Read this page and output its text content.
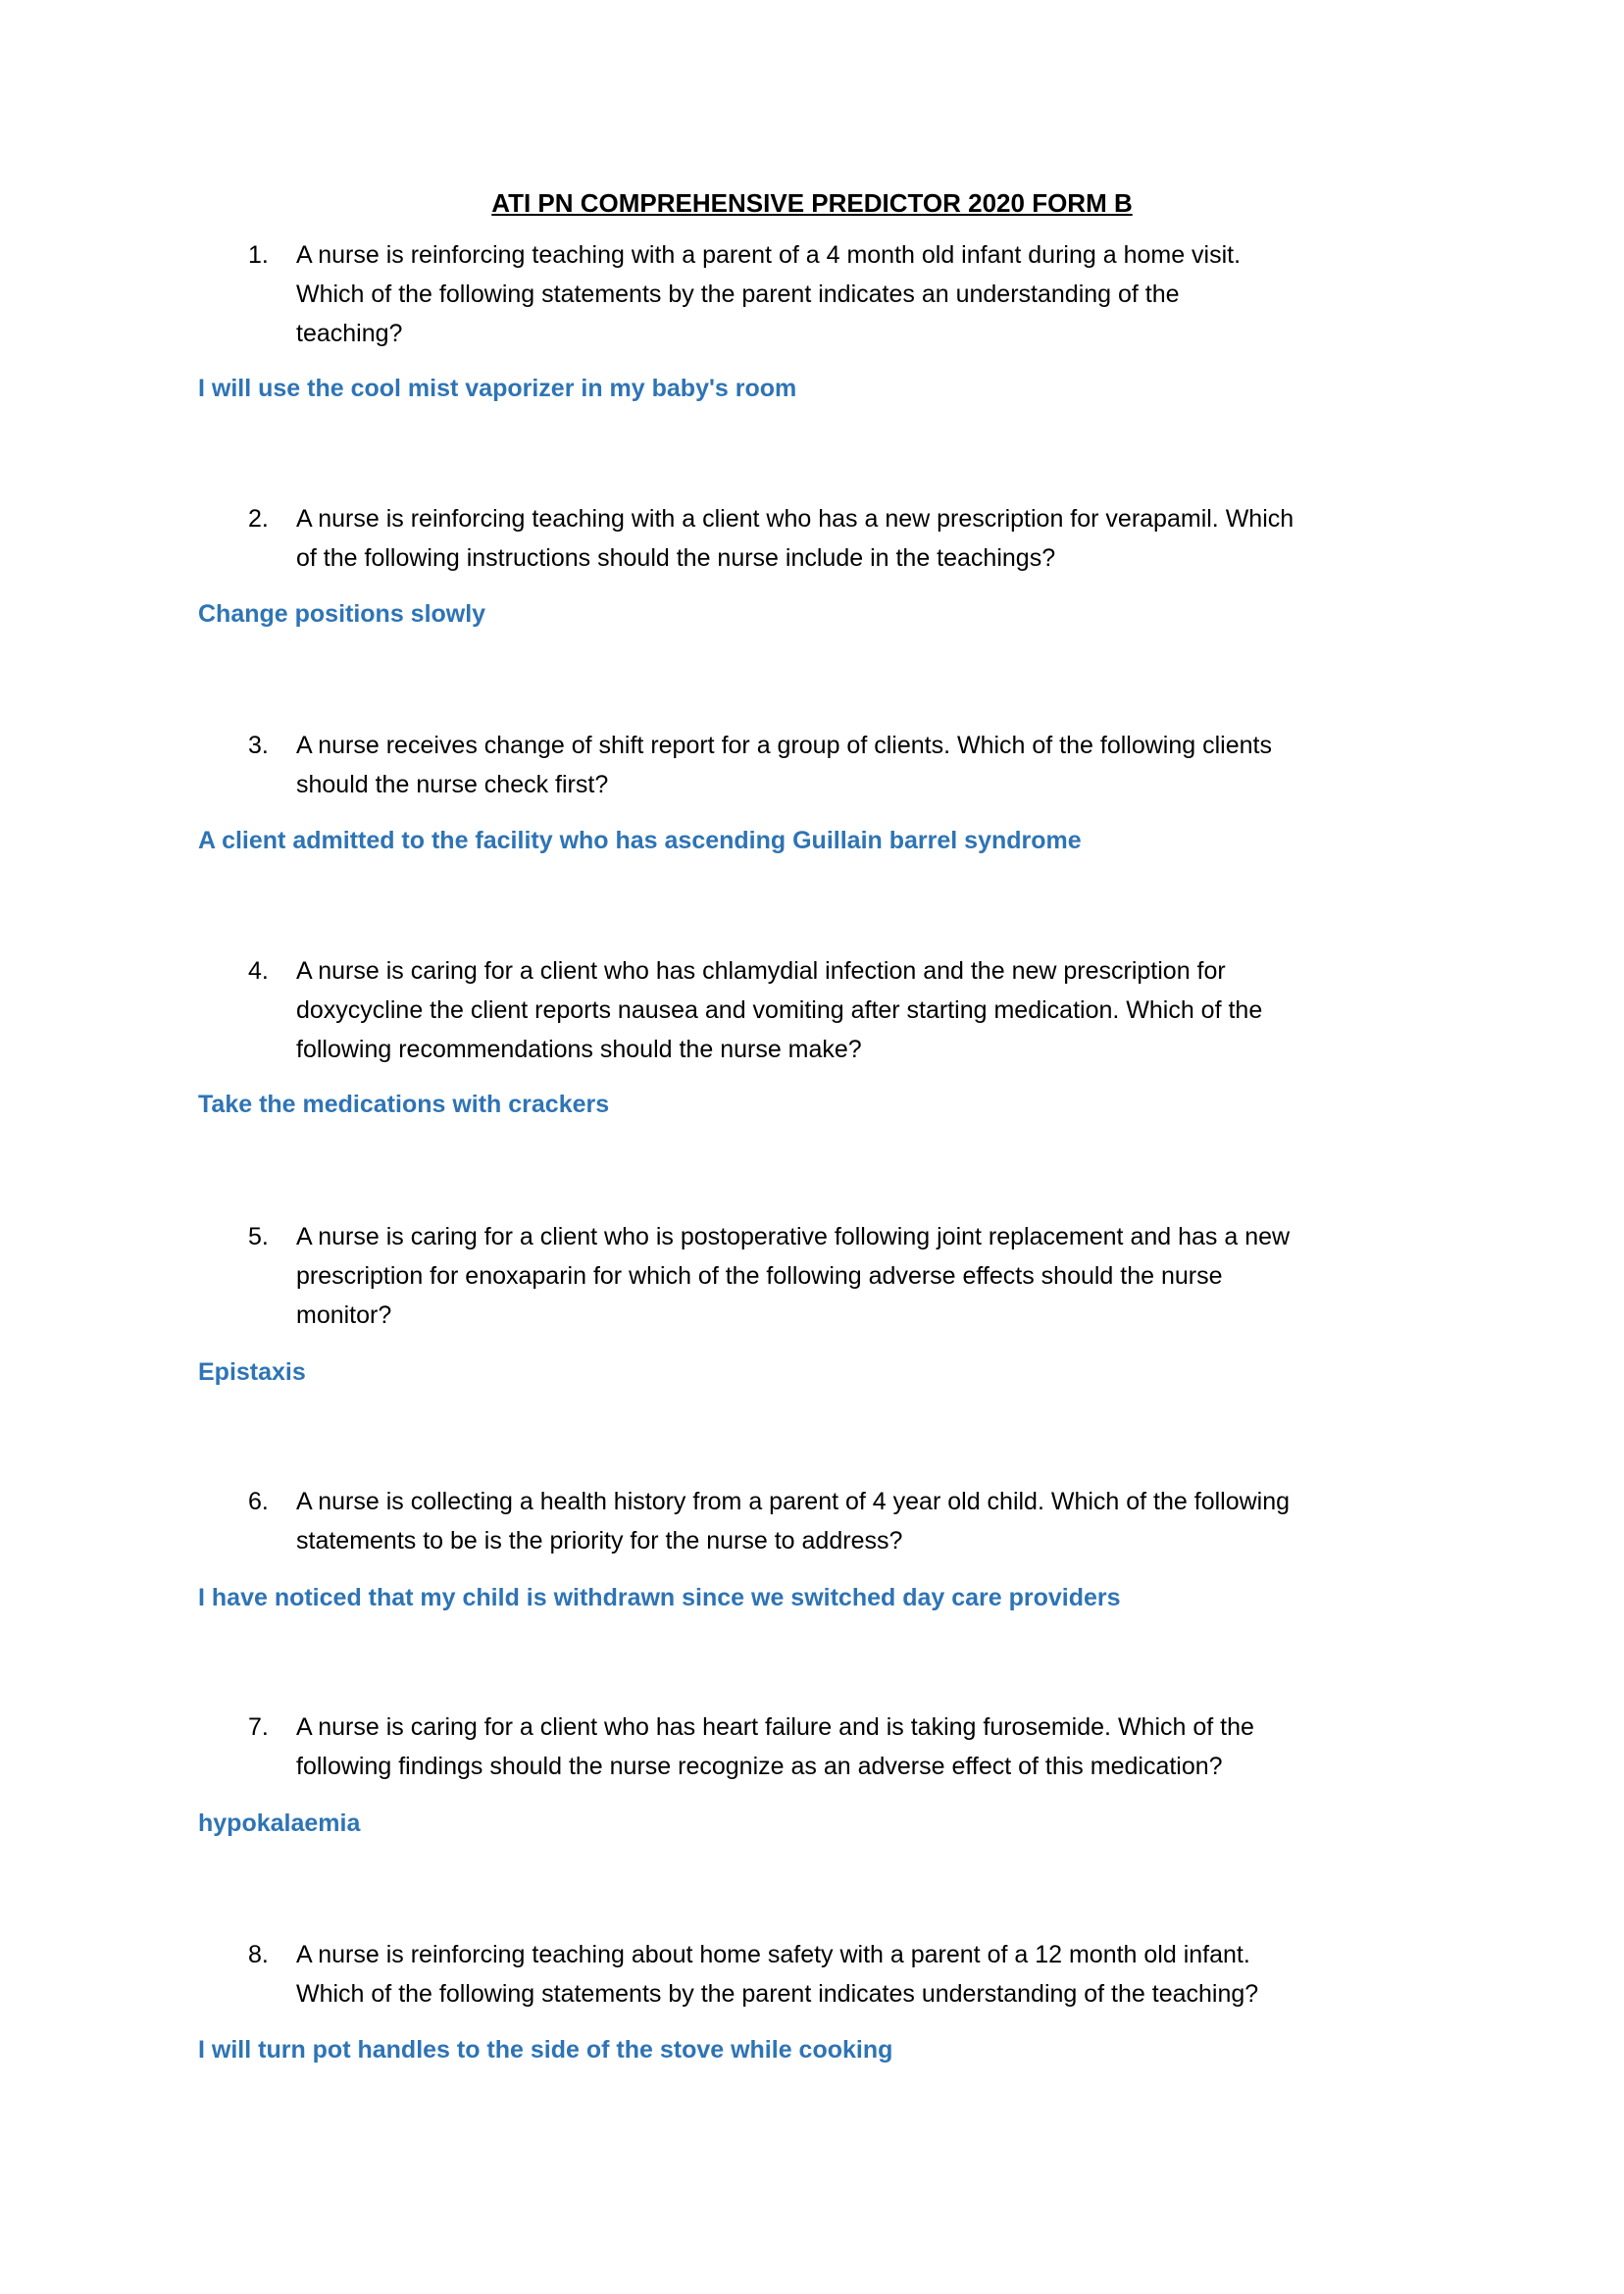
ATI PN COMPREHENSIVE PREDICTOR 2020 FORM B
1. A nurse is reinforcing teaching with a parent of a 4 month old infant during a home visit.
Which of the following statements by the parent indicates an understanding of the
teaching?
I will use the cool mist vaporizer in my baby's room
2. A nurse is reinforcing teaching with a client who has a new prescription for verapamil. Which
of the following instructions should the nurse include in the teachings?
Change positions slowly
3. A nurse receives change of shift report for a group of clients. Which of the following clients
should the nurse check first?
A client admitted to the facility who has ascending Guillain barrel syndrome
4. A nurse is caring for a client who has chlamydial infection and the new prescription for
doxycycline the client reports nausea and vomiting after starting medication. Which of the
following recommendations should the nurse make?
Take the medications with crackers
5. A nurse is caring for a client who is postoperative following joint replacement and has a new
prescription for enoxaparin for which of the following adverse effects should the nurse
monitor?
Epistaxis
6. A nurse is collecting a health history from a parent of 4 year old child. Which of the following
statements to be is the priority for the nurse to address?
I have noticed that my child is withdrawn since we switched day care providers
7. A nurse is caring for a client who has heart failure and is taking furosemide. Which of the
following findings should the nurse recognize as an adverse effect of this medication?
hypokalaemia
8. A nurse is reinforcing teaching about home safety with a parent of a 12 month old infant.
Which of the following statements by the parent indicates understanding of the teaching?
I will turn pot handles to the side of the stove while cooking
